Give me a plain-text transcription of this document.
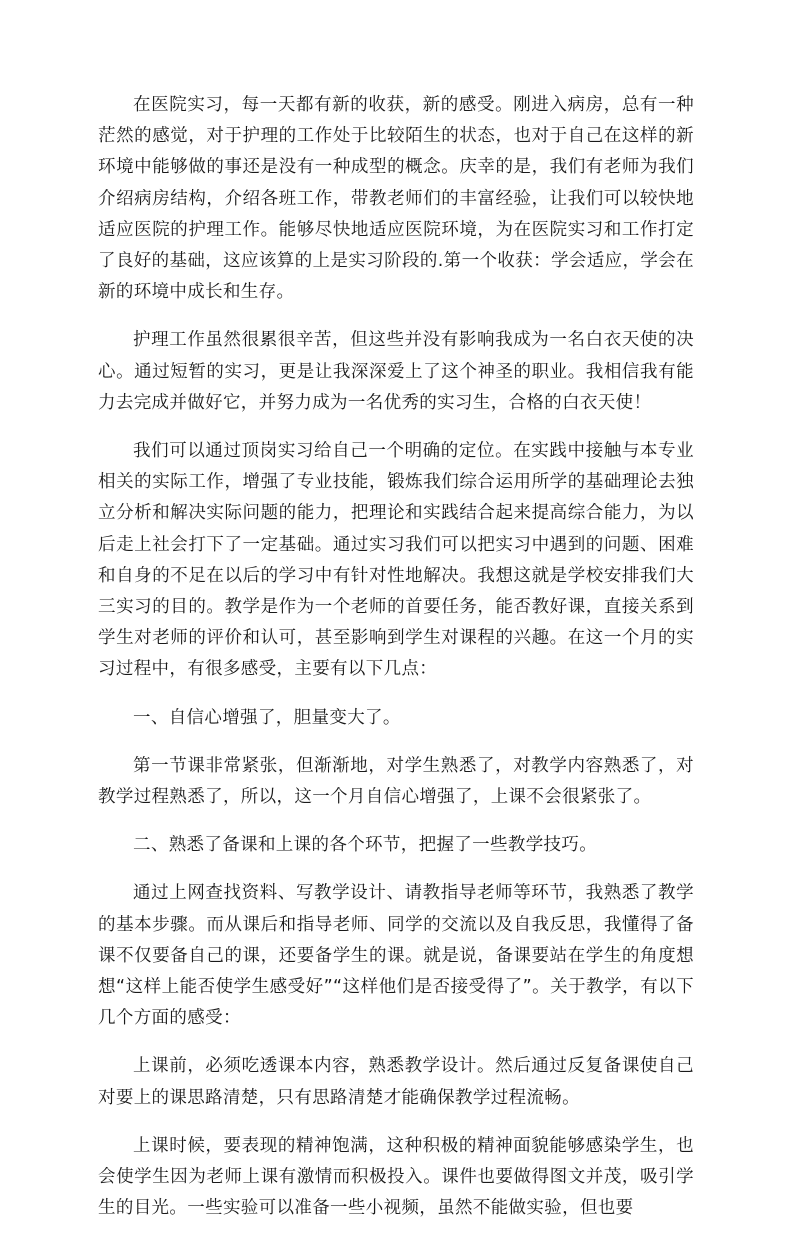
在医院实习，每一天都有新的收获，新的感受。刚进入病房，总有一种茫然的感觉，对于护理的工作处于比较陌生的状态，也对于自己在这样的新环境中能够做的事还是没有一种成型的概念。庆幸的是，我们有老师为我们介绍病房结构，介绍各班工作，带教老师们的丰富经验，让我们可以较快地适应医院的护理工作。能够尽快地适应医院环境，为在医院实习和工作打定了良好的基础，这应该算的上是实习阶段的.第一个收获：学会适应，学会在新的环境中成长和生存。

护理工作虽然很累很辛苦，但这些并没有影响我成为一名白衣天使的决心。通过短暂的实习，更是让我深深爱上了这个神圣的职业。我相信我有能力去完成并做好它，并努力成为一名优秀的实习生，合格的白衣天使！

我们可以通过顶岗实习给自己一个明确的定位。在实践中接触与本专业相关的实际工作，增强了专业技能，锻炼我们综合运用所学的基础理论去独立分析和解决实际问题的能力，把理论和实践结合起来提高综合能力，为以后走上社会打下了一定基础。通过实习我们可以把实习中遇到的问题、困难和自身的不足在以后的学习中有针对性地解决。我想这就是学校安排我们大三实习的目的。教学是作为一个老师的首要任务，能否教好课，直接关系到学生对老师的评价和认可，甚至影响到学生对课程的兴趣。在这一个月的实习过程中，有很多感受，主要有以下几点：

一、自信心增强了，胆量变大了。

第一节课非常紧张，但渐渐地，对学生熟悉了，对教学内容熟悉了，对教学过程熟悉了，所以，这一个月自信心增强了，上课不会很紧张了。

二、熟悉了备课和上课的各个环节，把握了一些教学技巧。

通过上网查找资料、写教学设计、请教指导老师等环节，我熟悉了教学的基本步骤。而从课后和指导老师、同学的交流以及自我反思，我懂得了备课不仅要备自己的课，还要备学生的课。就是说，备课要站在学生的角度想想“这样上能否使学生感受好”“这样他们是否接受得了”。关于教学，有以下几个方面的感受：

上课前，必须吃透课本内容，熟悉教学设计。然后通过反复备课使自己对要上的课思路清楚，只有思路清楚才能确保教学过程流畅。

上课时候，要表现的精神饱满，这种积极的精神面貌能够感染学生，也会使学生因为老师上课有激情而积极投入。课件也要做得图文并茂，吸引学生的目光。一些实验可以准备一些小视频，虽然不能做实验，但也要
